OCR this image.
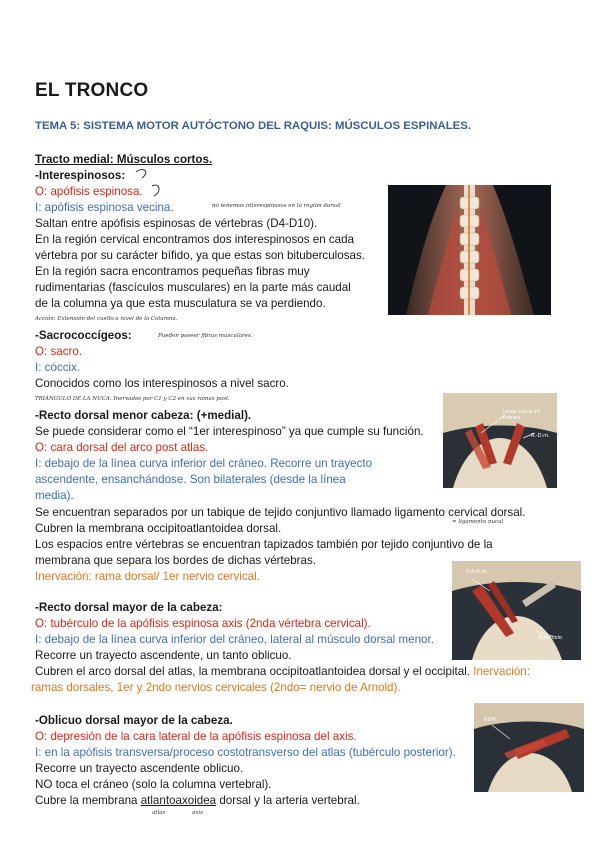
EL TRONCO
TEMA 5: SISTEMA MOTOR AUTÓCTONO DEL RAQUIS: MÚSCULOS ESPINALES.
Tracto medial: Músculos cortos.
-Interespinosos:
O: apófisis espinosa.
I: apófisis espinosa vecina.	no tenemos interespinosos en la región dorsal
Saltan entre apófisis espinosas de vértebras (D4-D10).
En la región cervical encontramos dos interespinosos en cada
vértebra por su carácter bífido, ya que estas son bituberculosas.
En la región sacra encontramos pequeñas fibras muy
rudimentarias (fascículos musculares) en la parte más caudal
de la columna ya que esta musculatura se va perdiendo.
Acción: Extensión del cuello a nivel de la Columna.
-Sacrococcígeos:	Pueden poseer fibras musculares.
O: sacro.
I: cóccix.
Conocidos como los interespinosos a nivel sacro.
TRIÁNGULO DE LA NUCA: Inervados por C1 y C2 en sus ramas post.
-Recto dorsal menor cabeza: (+medial).
Se puede considerar como el “1er interespinoso” ya que cumple su función.
O: cara dorsal del arco post atlas.
I: debajo de la línea curva inferior del cráneo. Recorre un trayecto
ascendente, ensanchándose. Son bilaterales (desde la línea
media).
Se encuentran separados por un tabique de tejido conjuntivo llamado ligamento cervical dorsal.
= ligamento nucal
Cubren la membrana occipitoatlantoidea dorsal.
Los espacios entre vértebras se encuentran tapizados también por tejido conjuntivo de la
membrana que separa los bordes de dichas vértebras.
Inervación: rama dorsal/ 1er nervio cervical.
Línea curva inf. cráneo
R.-D.m.
R.A-D.m.
Tubérculo
-Recto dorsal mayor de la cabeza:
O: tubérculo de la apófisis espinosa axis (2nda vértebra cervical).
I: debajo de la línea curva inferior del cráneo, lateral al músculo dorsal menor.
Recorre un trayecto ascendente, un tanto oblicuo.
Cubren el arco dorsal del atlas, la membrana occipitoatlantoidea dorsal y el occipital. Inervación:
ramas dorsales, 1er y 2ndo nervios cervicales (2ndo= nervio de Arnold).
RDM
-Oblicuo dorsal mayor de la cabeza.
O: depresión de la cara lateral de la apófisis espinosa del axis.
I: en la apófisis transversa/proceso costotransverso del atlas (tubérculo posterior).
Recorre un trayecto ascendente oblicuo.
NO toca el cráneo (solo la columna vertebral).
Cubre la membrana atlantoaxoidea dorsal y la arteria vertebral.
atlas	axis
